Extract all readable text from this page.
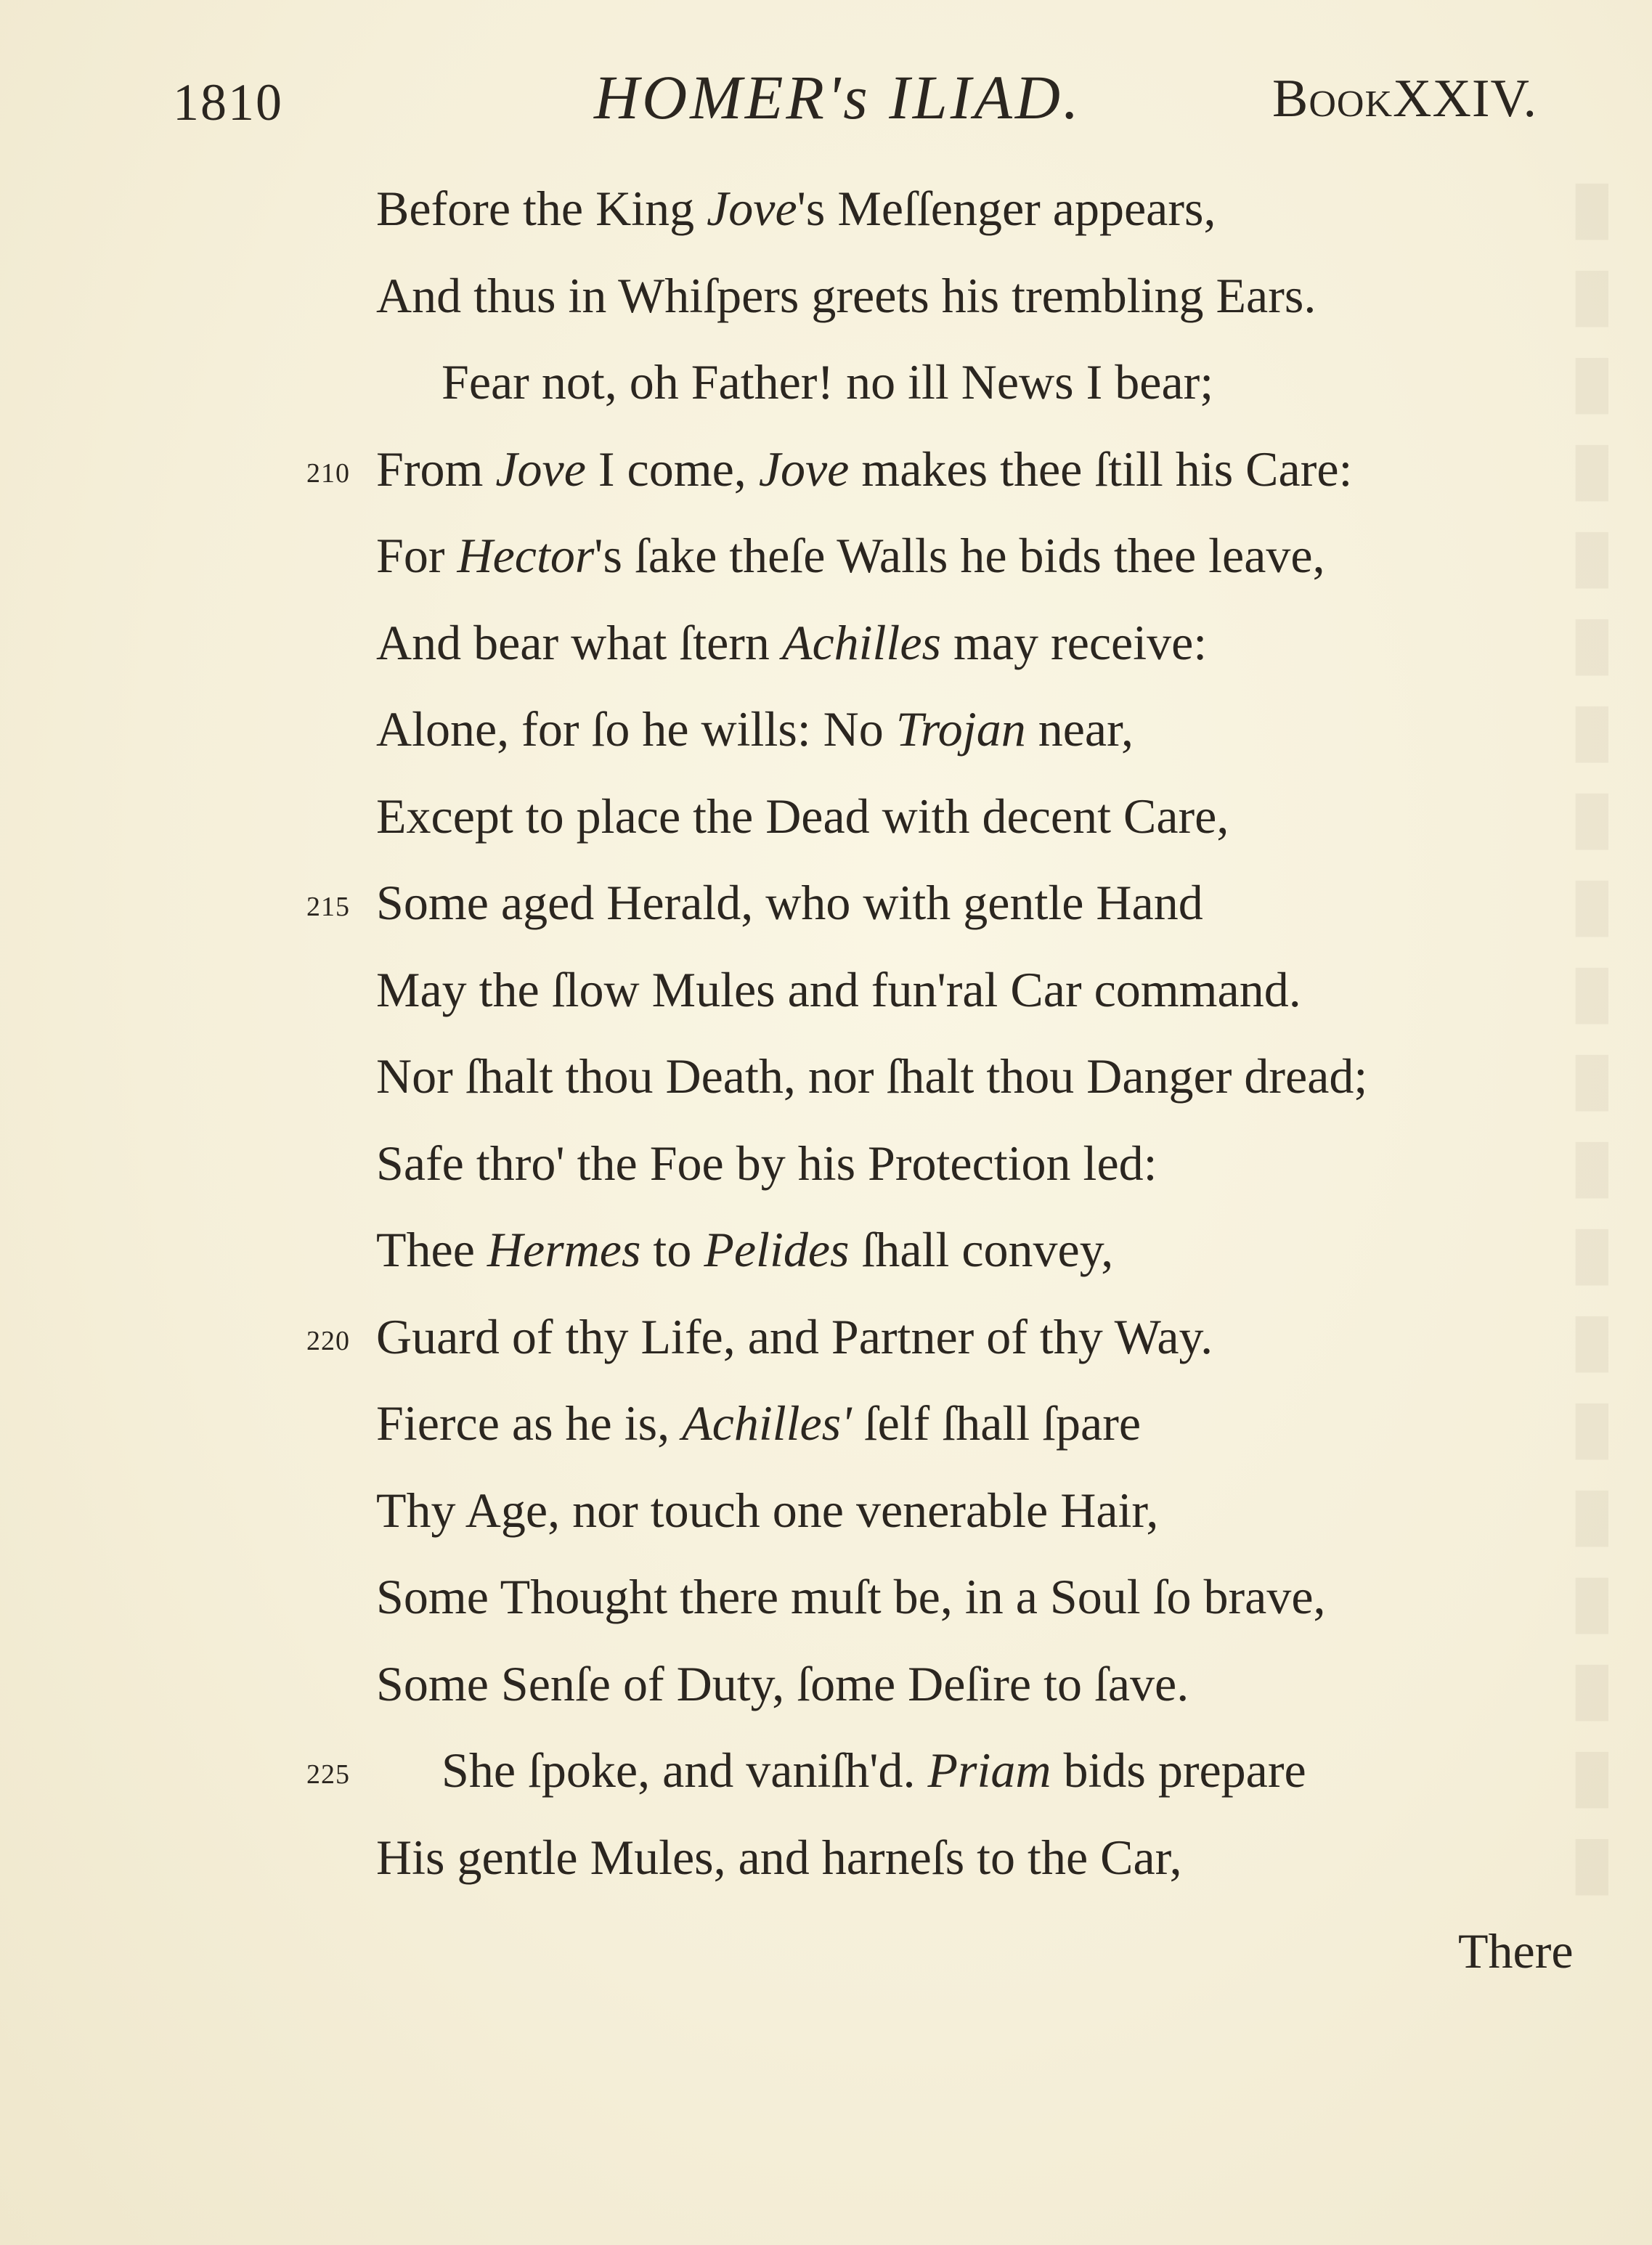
█
█
█
█
█
█
█
█
█
█
█
█
█
█
█
█
█
█
█
█
1810	HOMER's ILIAD.	BookXXIV.
Before the King Jove's Meſſenger appears,
And thus in Whiſpers greets his trembling Ears.
Fear not, oh Father! no ill News I bear;
210 From Jove I come, Jove makes thee ſtill his Care:
For Hector's ſake theſe Walls he bids thee leave,
And bear what ſtern Achilles may receive:
Alone, for ſo he wills: No Trojan near,
Except to place the Dead with decent Care,
215 Some aged Herald, who with gentle Hand
May the ſlow Mules and fun'ral Car command.
Nor ſhalt thou Death, nor ſhalt thou Danger dread;
Safe thro' the Foe by his Protection led:
Thee Hermes to Pelides ſhall convey,
220 Guard of thy Life, and Partner of thy Way.
Fierce as he is, Achilles' ſelf ſhall ſpare
Thy Age, nor touch one venerable Hair,
Some Thought there muſt be, in a Soul ſo brave,
Some Senſe of Duty, ſome Deſire to ſave.
225 She ſpoke, and vaniſh'd. Priam bids prepare
His gentle Mules, and harneſs to the Car,
There
